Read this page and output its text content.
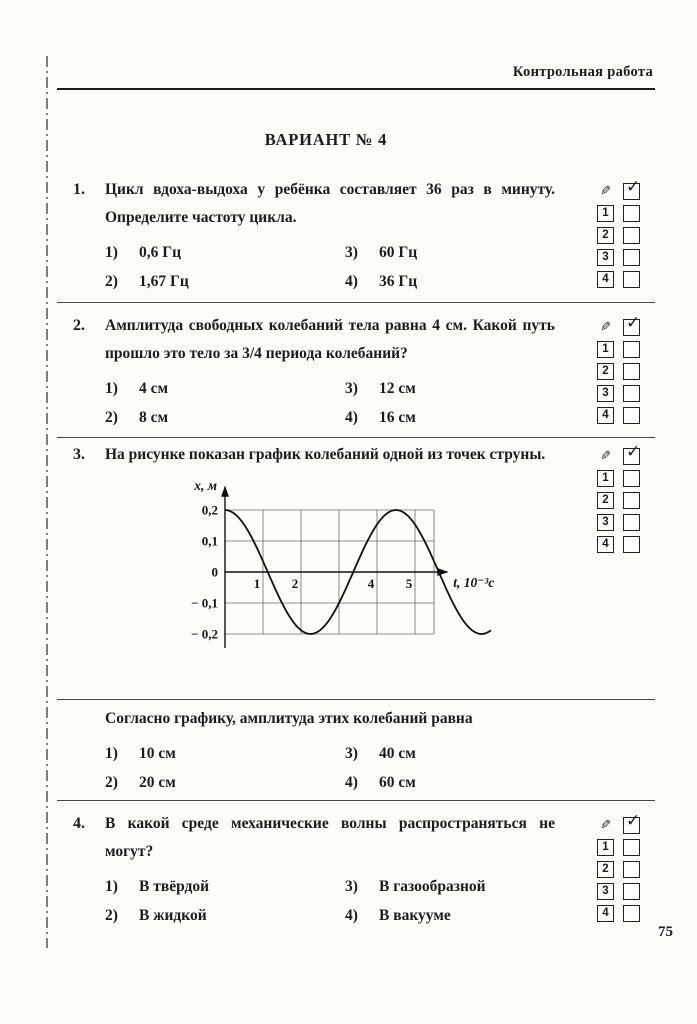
Контрольная работа
ВАРИАНТ № 4
1. Цикл вдоха-выдоха у ребёнка составляет 36 раз в минуту. Определите частоту цикла.

1)	0,6 Гц
2)	1,67 Гц
3)	60 Гц
4)	36 Гц
✎ ✓
1
2
3
4
2. Амплитуда свободных колебаний тела равна 4 см. Какой путь прошло это тело за 3/4 периода колебаний?

1)	4 см
2)	8 см
3)	12 см
4)	16 см
✎ ✓
1
2
3
4
3. На рисунке показан график колебаний одной из точек струны.

0,2
0,1
0
− 0,1
− 0,2
1 2	4 5
x, м
t, 10⁻³с
✎ ✓
1
2
3
4

Согласно графику, амплитуда этих колебаний равна

1)	10 см
2)	20 см
3)	40 см
4)	60 см
4. В какой среде механические волны распространяться не могут?

1)	В твёрдой
2)	В жидкой
3)	В газообразной
4)	В вакууме
✎ ✓
1
2
3
4
75
